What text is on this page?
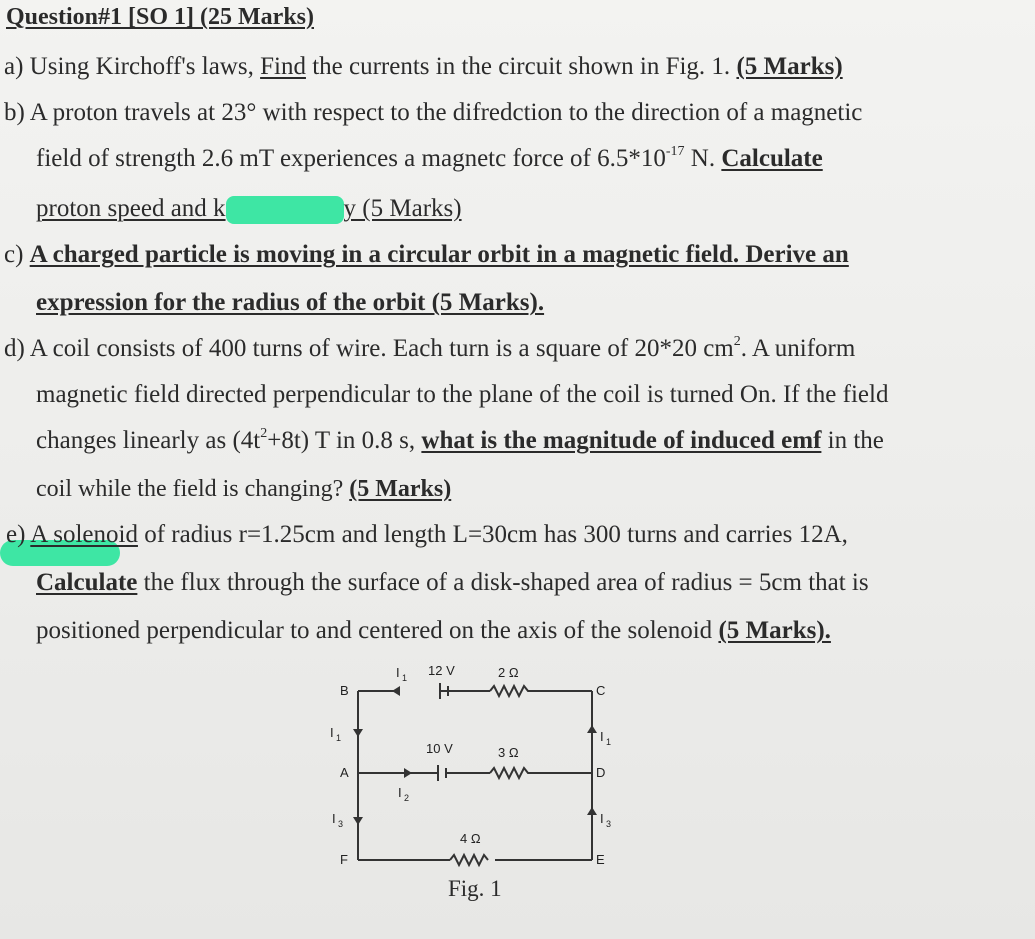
Question#1 [SO 1] (25 Marks)
a) Using Kirchoff's laws, Find the currents in the circuit shown in Fig. 1. (5 Marks)
b) A proton travels at 23° with respect to the difredction to the direction of a magnetic
field of strength 2.6 mT experiences a magnetc force of $6.5*10^{-17}$ N. Calculate
proton speed and k	y (5 Marks)
c) A charged particle is moving in a circular orbit in a magnetic field. Derive an
expression for the radius of the orbit (5 Marks).
d) A coil consists of 400 turns of wire. Each turn is a square of 20*20 $cm^2$. A uniform
magnetic field directed perpendicular to the plane of the coil is turned On. If the field
changes linearly as $(4t^2+8t)$ T in 0.8 s, what is the magnitude of induced emf in the
coil while the field is changing? (5 Marks)
e) A solenoid of radius r=1.25cm and length L=30cm has 300 turns and carries 12A,
Calculate the flux through the surface of a disk-shaped area of radius = 5cm that is
positioned perpendicular to and centered on the axis of the solenoid (5 Marks).
B	C
A	D
F	E
I 1
I 1
I 2
I 3
I 1
I 3
12 V	2 Ω
10 V	3 Ω
4 Ω
Fig. 1
